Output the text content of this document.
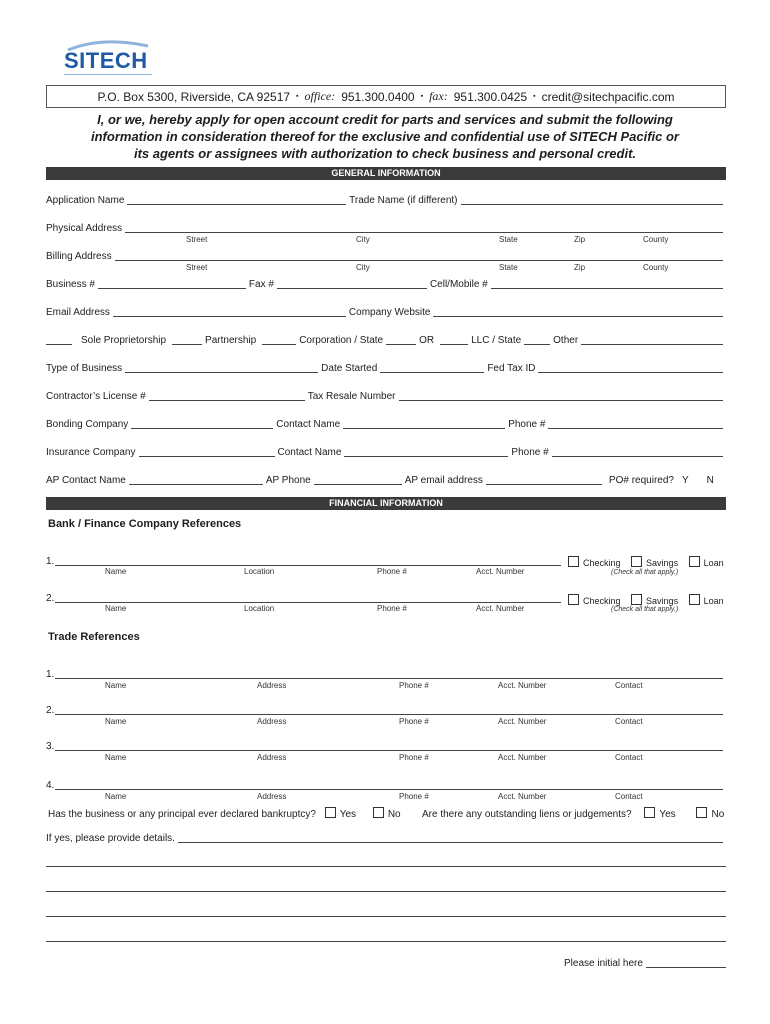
SITECH
P.O. Box 5300, Riverside, CA 92517 ▪ office: 951.300.0400 ▪ fax: 951.300.0425 ▪ credit@sitechpacific.com
I, or we, hereby apply for open account credit for parts and services and submit the following
information in consideration thereof for the exclusive and confidential use of SITECH Pacific or
its agents or assignees with authorization to check business and personal credit.
GENERAL INFORMATION
Application Name	Trade Name (if different)
Physical Address
Street	City	State	Zip	County
Billing Address
Street	City	State	Zip	County
Business #	Fax #	Cell/Mobile #
Email Address	Company Website
Sole Proprietorship	Partnership	Corporation / State	OR	LLC / State	Other
Type of Business	Date Started	Fed Tax ID
Contractor’s License #	Tax Resale Number
Bonding Company	Contact Name	Phone #
Insurance Company	Contact Name	Phone #
AP Contact Name	AP Phone	AP email address	PO# required? Y N
FINANCIAL INFORMATION
Bank / Finance Company References
1.	Checking	Savings	Loan
Name	Location	Phone #	Acct. Number	(Check all that apply.)
2.	Checking	Savings	Loan
Name	Location	Phone #	Acct. Number	(Check all that apply.)
Trade References
1.
Name	Address	Phone #	Acct. Number	Contact
2.
Name	Address	Phone #	Acct. Number	Contact
3.
Name	Address	Phone #	Acct. Number	Contact
4.
Name	Address	Phone #	Acct. Number	Contact
Has the business or any principal ever declared bankruptcy? Yes	No Are there any outstanding liens or judgements?	Yes	No
If yes, please provide details.
Please initial here
